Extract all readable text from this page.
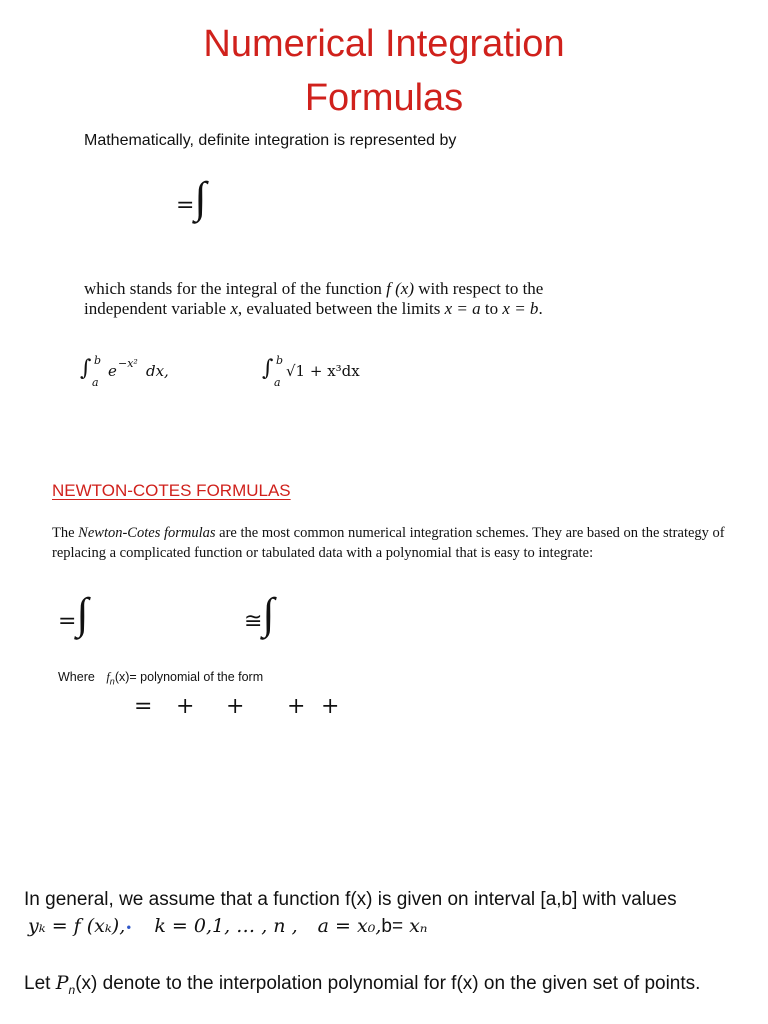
Numerical Integration
Formulas
Mathematically, definite integration is represented by
=∫
which stands for the integral of the function f (x) with respect to the
independent variable x, evaluated between the limits x = a to x = b.
∫ b
a
e −x² dx,	∫ b
a
√1 + x³dx
NEWTON-COTES FORMULAS
The Newton-Cotes formulas are the most common numerical integration schemes. They are based on the strategy of replacing a complicated function or tabulated data with a polynomial that is easy to integrate:
=∫	≅∫
Where $f_n(x)=$ polynomial of the form
= + + + +
In general, we assume that a function f(x) is given on interval [a,b] with values
yₖ = f (xₖ),• k = 0,1, … , n , a = x₀,b= xₙ
Let $P_n(x)$ denote to the interpolation polynomial for f(x) on the given set of points.
